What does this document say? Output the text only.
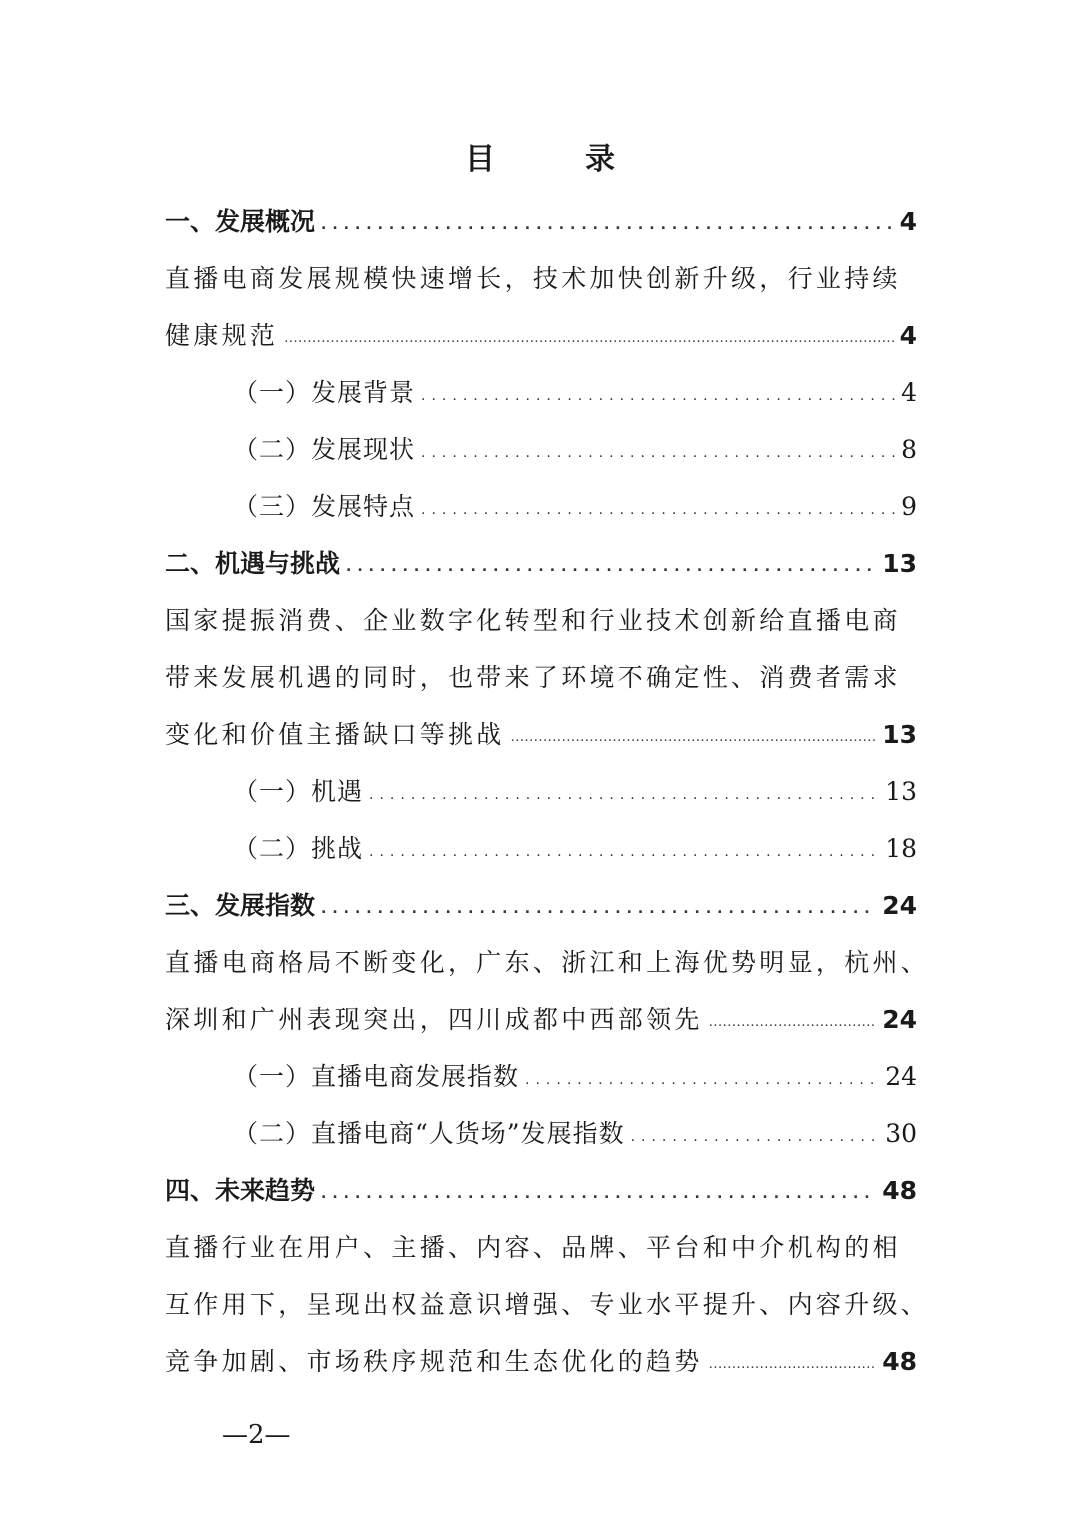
目　录
一、发展概况 .....	4
直播电商发展规模快速增长，技术加快创新升级，行业持续
健康规范 .....	4
（一）发展背景 .....	4
（二）发展现状 .....	8
（三）发展特点 .....	9
二、机遇与挑战 .....	13
国家提振消费、企业数字化转型和行业技术创新给直播电商
带来发展机遇的同时，也带来了环境不确定性、消费者需求
变化和价值主播缺口等挑战 .....	13
（一）机遇 .....	13
（二）挑战 .....	18
三、发展指数 .....	24
直播电商格局不断变化，广东、浙江和上海优势明显，杭州、
深圳和广州表现突出，四川成都中西部领先 .....	24
（一）直播电商发展指数 .....	24
（二）直播电商“人货场”发展指数 .....	30
四、未来趋势 .....	48
直播行业在用户、主播、内容、品牌、平台和中介机构的相
互作用下，呈现出权益意识增强、专业水平提升、内容升级、
竞争加剧、市场秩序规范和生态优化的趋势 .....	48
—2—
